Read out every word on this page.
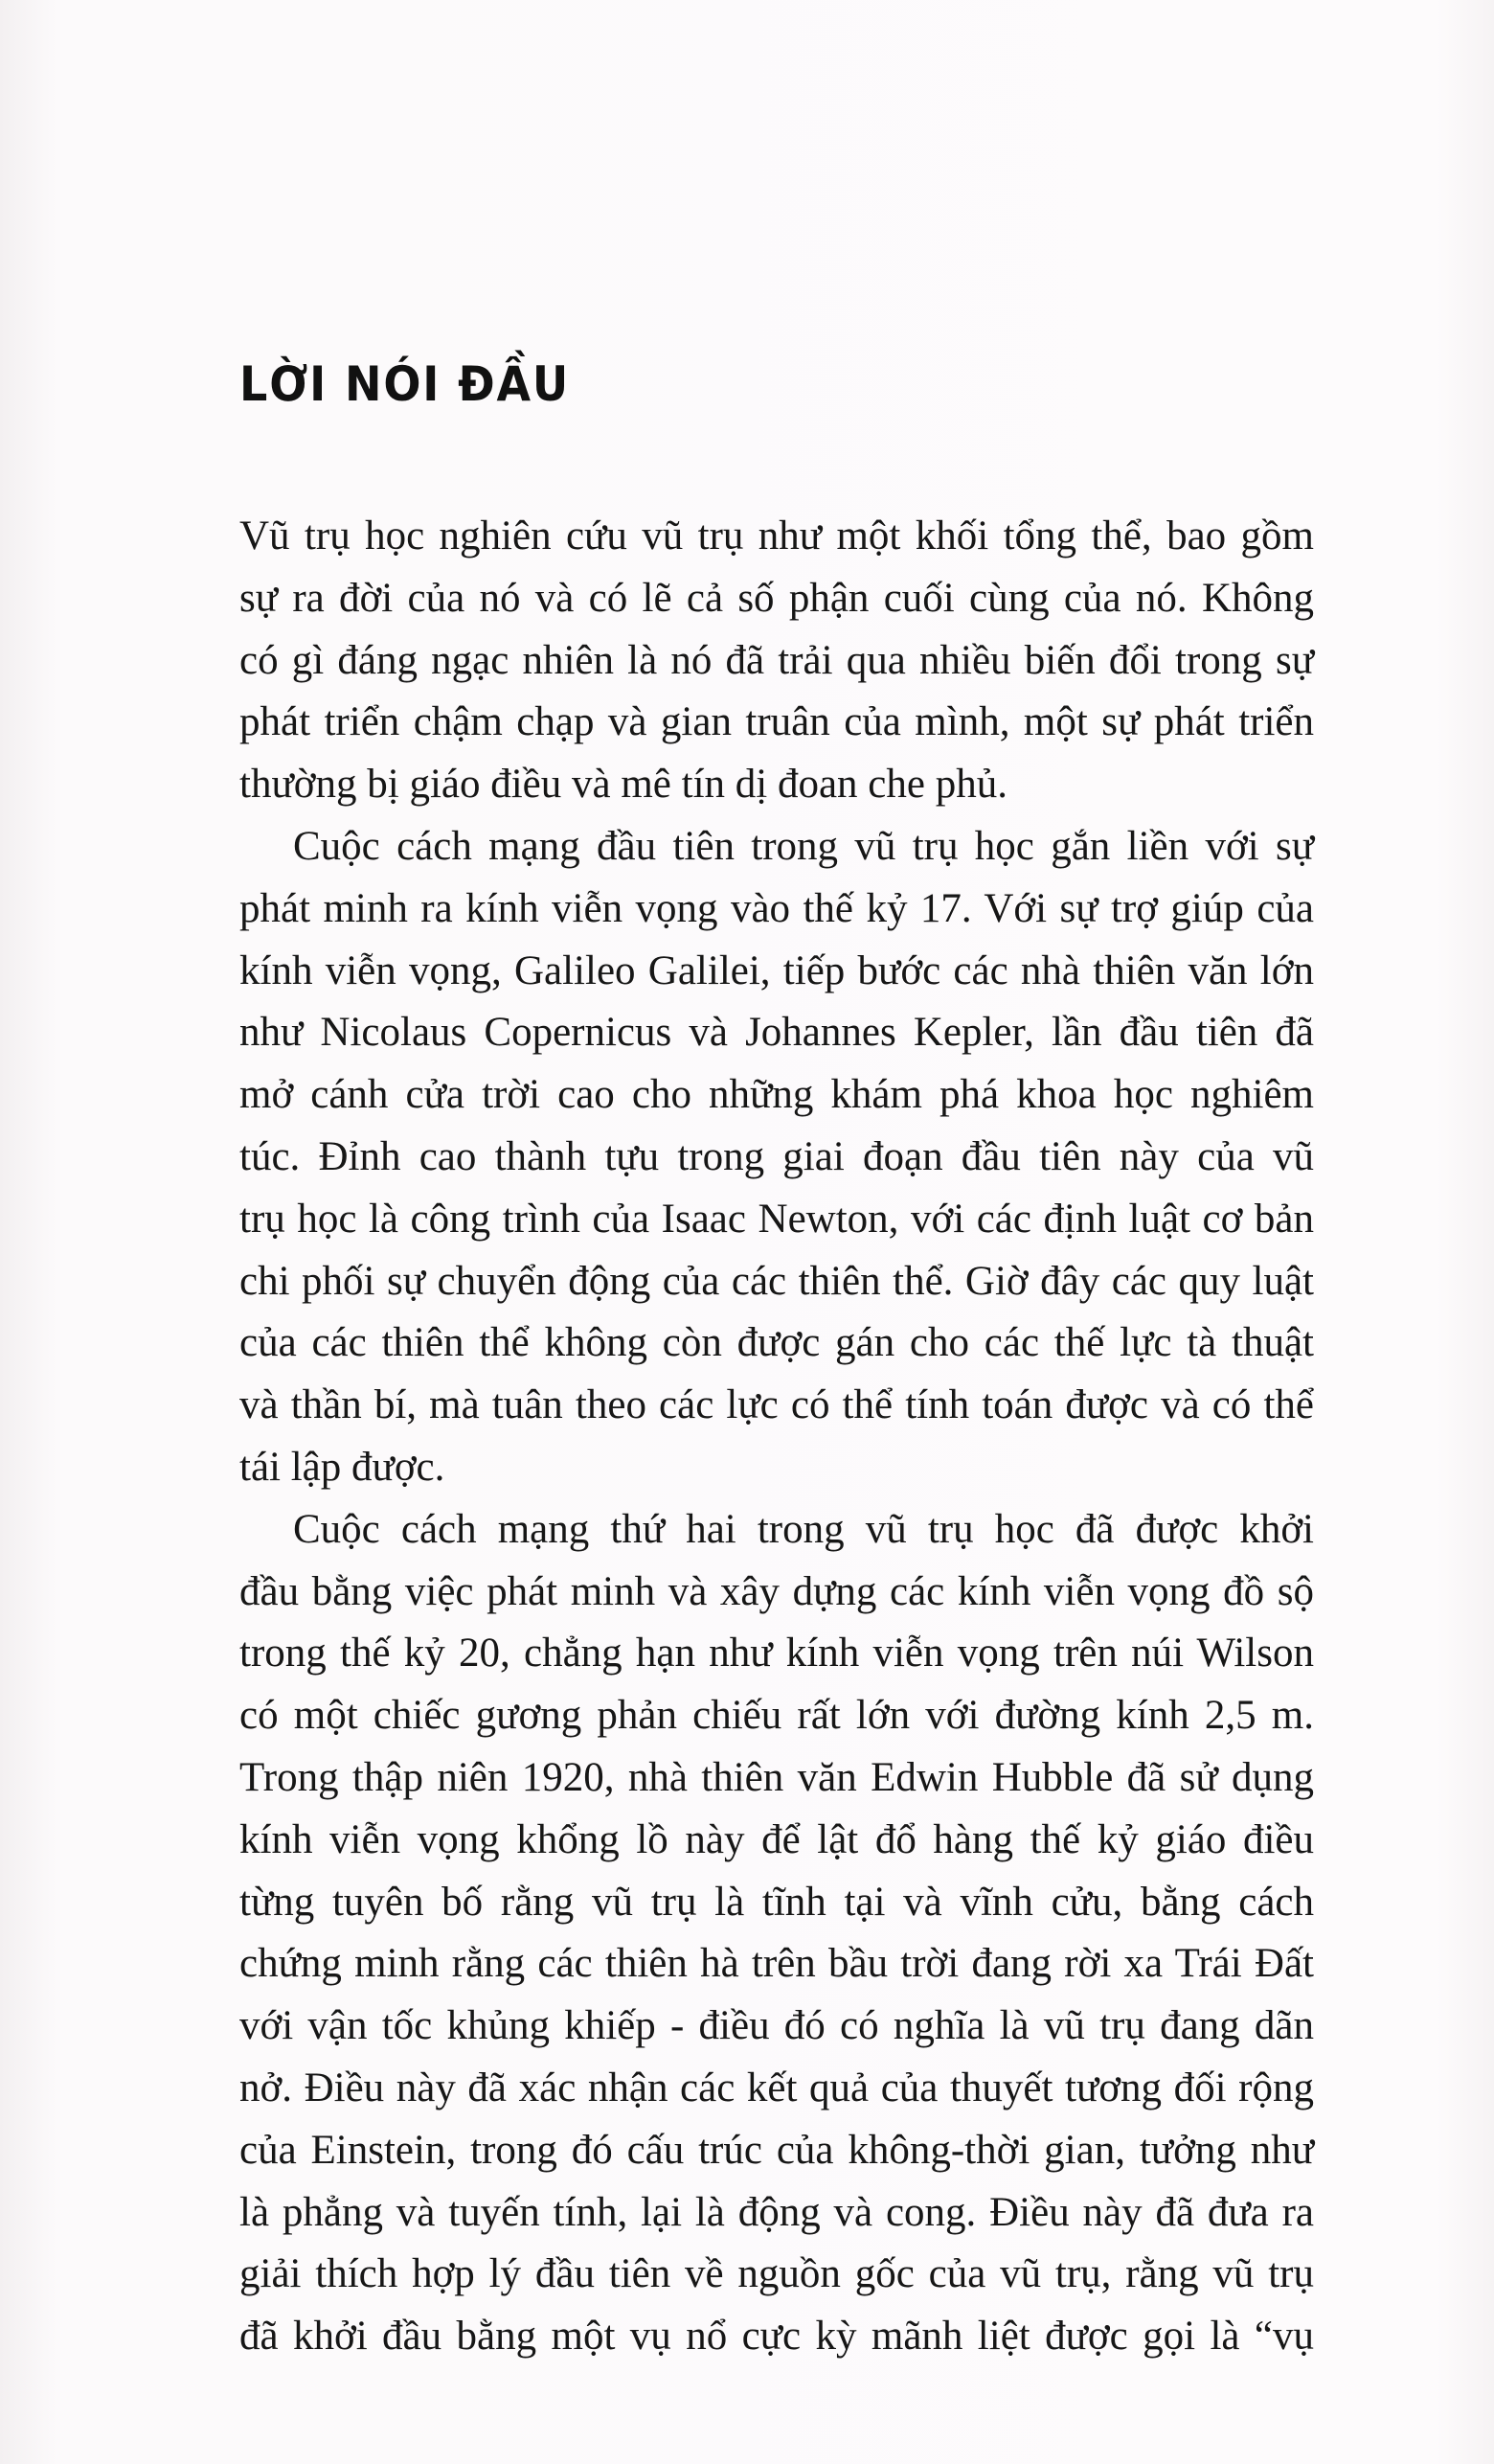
LỜI NÓI ĐẦU
Vũ trụ học nghiên cứu vũ trụ như một khối tổng thể, bao gồm
sự ra đời của nó và có lẽ cả số phận cuối cùng của nó. Không
có gì đáng ngạc nhiên là nó đã trải qua nhiều biến đổi trong sự
phát triển chậm chạp và gian truân của mình, một sự phát triển
thường bị giáo điều và mê tín dị đoan che phủ.
Cuộc cách mạng đầu tiên trong vũ trụ học gắn liền với sự
phát minh ra kính viễn vọng vào thế kỷ 17. Với sự trợ giúp của
kính viễn vọng, Galileo Galilei, tiếp bước các nhà thiên văn lớn
như Nicolaus Copernicus và Johannes Kepler, lần đầu tiên đã
mở cánh cửa trời cao cho những khám phá khoa học nghiêm
túc. Đỉnh cao thành tựu trong giai đoạn đầu tiên này của vũ
trụ học là công trình của Isaac Newton, với các định luật cơ bản
chi phối sự chuyển động của các thiên thể. Giờ đây các quy luật
của các thiên thể không còn được gán cho các thế lực tà thuật
và thần bí, mà tuân theo các lực có thể tính toán được và có thể
tái lập được.
Cuộc cách mạng thứ hai trong vũ trụ học đã được khởi
đầu bằng việc phát minh và xây dựng các kính viễn vọng đồ sộ
trong thế kỷ 20, chẳng hạn như kính viễn vọng trên núi Wilson
có một chiếc gương phản chiếu rất lớn với đường kính 2,5 m.
Trong thập niên 1920, nhà thiên văn Edwin Hubble đã sử dụng
kính viễn vọng khổng lồ này để lật đổ hàng thế kỷ giáo điều
từng tuyên bố rằng vũ trụ là tĩnh tại và vĩnh cửu, bằng cách
chứng minh rằng các thiên hà trên bầu trời đang rời xa Trái Đất
với vận tốc khủng khiếp - điều đó có nghĩa là vũ trụ đang dãn
nở. Điều này đã xác nhận các kết quả của thuyết tương đối rộng
của Einstein, trong đó cấu trúc của không-thời gian, tưởng như
là phẳng và tuyến tính, lại là động và cong. Điều này đã đưa ra
giải thích hợp lý đầu tiên về nguồn gốc của vũ trụ, rằng vũ trụ
đã khởi đầu bằng một vụ nổ cực kỳ mãnh liệt được gọi là “vụ
